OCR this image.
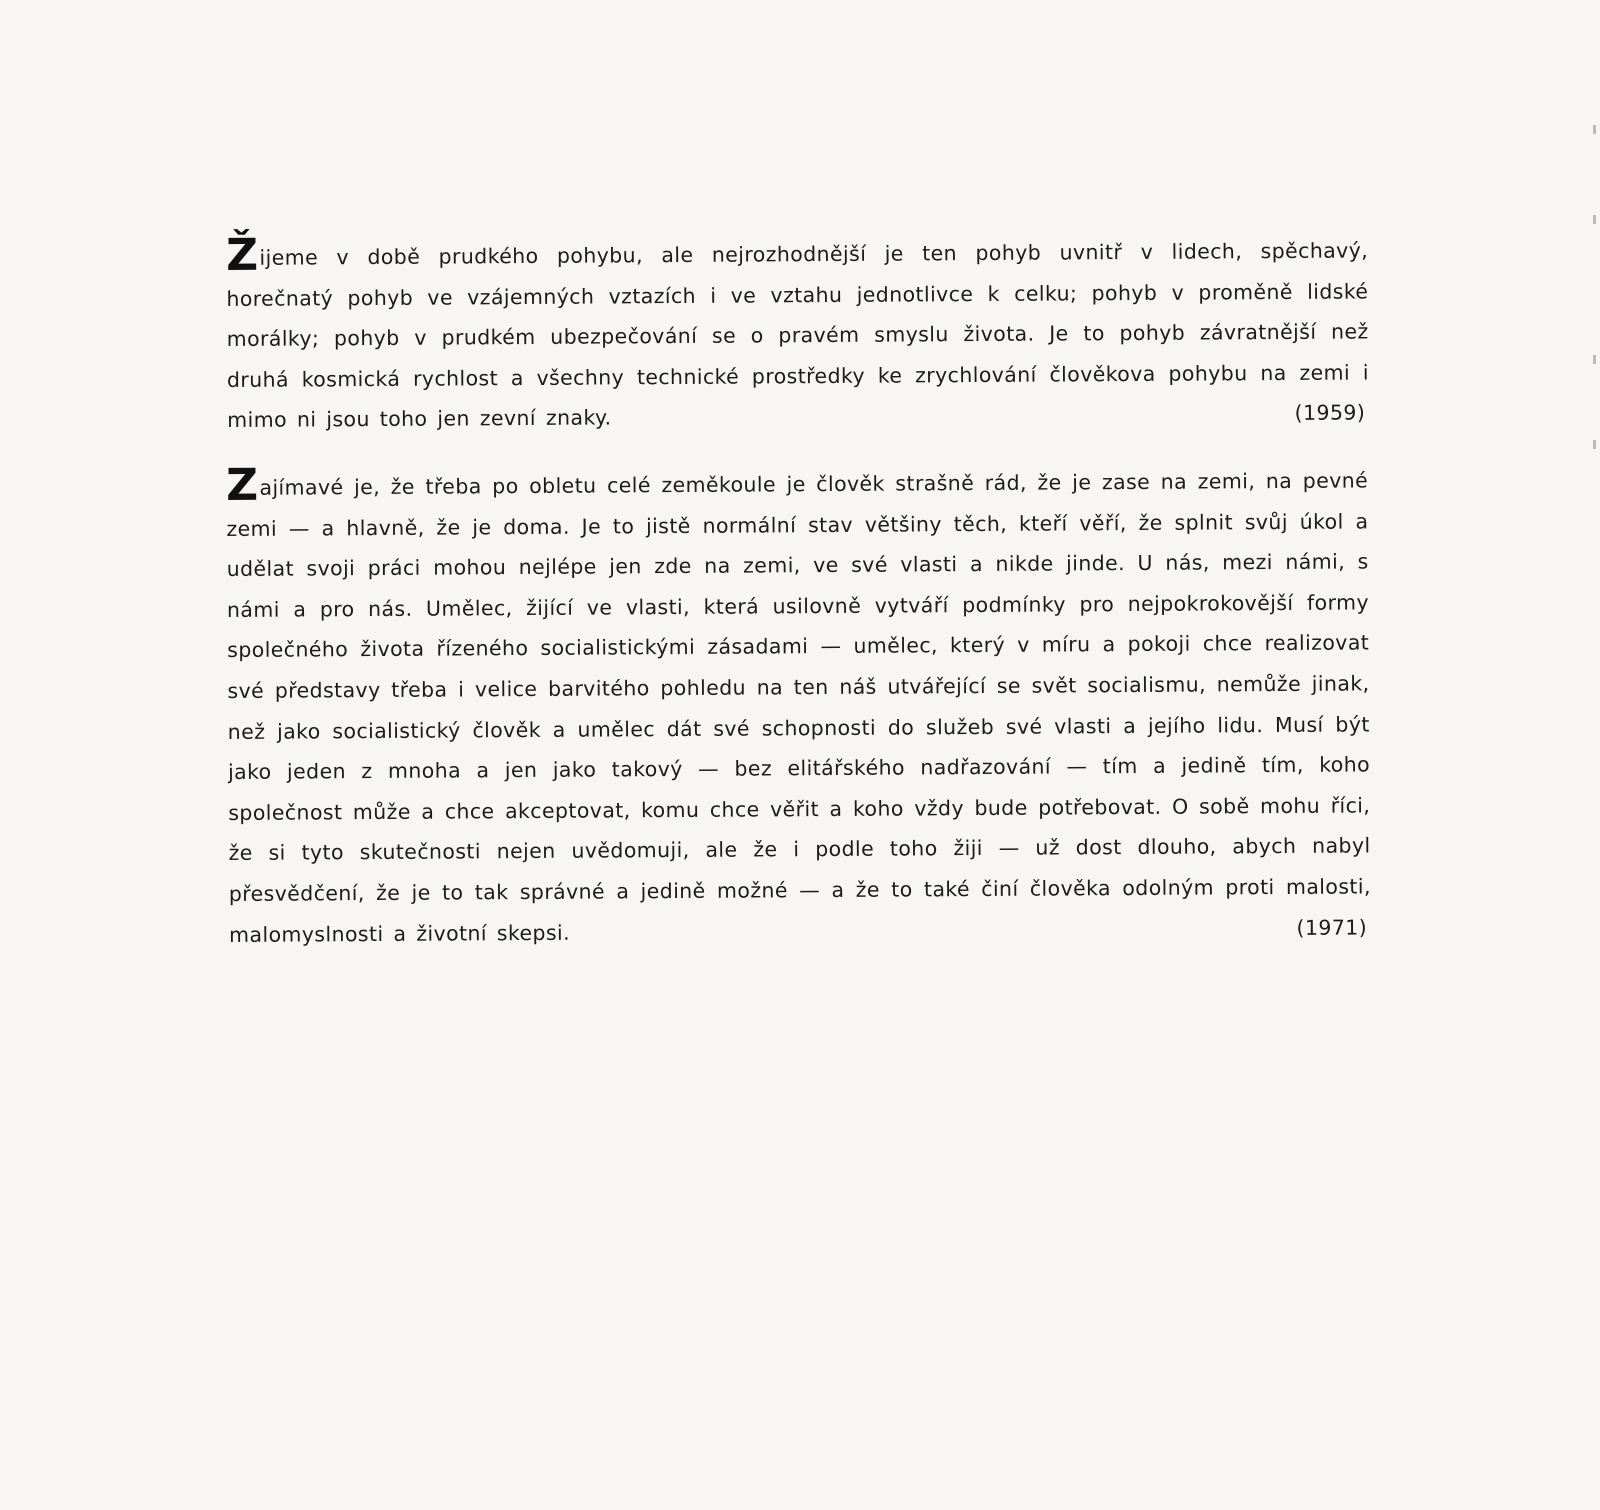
Žijeme v době prudkého pohybu, ale nejrozhodnější je ten pohyb uvnitř v lidech, spěchavý, horečnatý pohyb ve vzájemných vztazích i ve vztahu jednotlivce k celku; pohyb v proměně lidské morálky; pohyb v prudkém ubezpečování se o pravém smyslu života. Je to pohyb závratnější než druhá kosmická rychlost a všechny technické prostředky ke zrychlování člověkova pohybu na zemi i mimo ni jsou toho jen zevní znaky.	(1959)

Zajímavé je, že třeba po obletu celé zeměkoule je člověk strašně rád, že je zase na zemi, na pevné zemi — a hlavně, že je doma. Je to jistě normální stav většiny těch, kteří věří, že splnit svůj úkol a udělat svoji práci mohou nejlépe jen zde na zemi, ve své vlasti a nikde jinde. U nás, mezi námi, s námi a pro nás. Umělec, žijící ve vlasti, která usilovně vytváří podmínky pro nejpokrokovější formy společného života řízeného socialistickými zásadami — umělec, který v míru a pokoji chce realizovat své představy třeba i velice barvitého pohledu na ten náš utvářející se svět socialismu, nemůže jinak, než jako socialistický člověk a umělec dát své schopnosti do služeb své vlasti a jejího lidu. Musí být jako jeden z mnoha a jen jako takový — bez elitářského nadřazování — tím a jedině tím, koho společnost může a chce akceptovat, komu chce věřit a koho vždy bude potřebovat. O sobě mohu říci, že si tyto skutečnosti nejen uvědomuji, ale že i podle toho žiji — už dost dlouho, abych nabyl přesvědčení, že je to tak správné a jedině možné — a že to také činí člověka odolným proti malosti, malomyslnosti a životní skepsi.	(1971)
